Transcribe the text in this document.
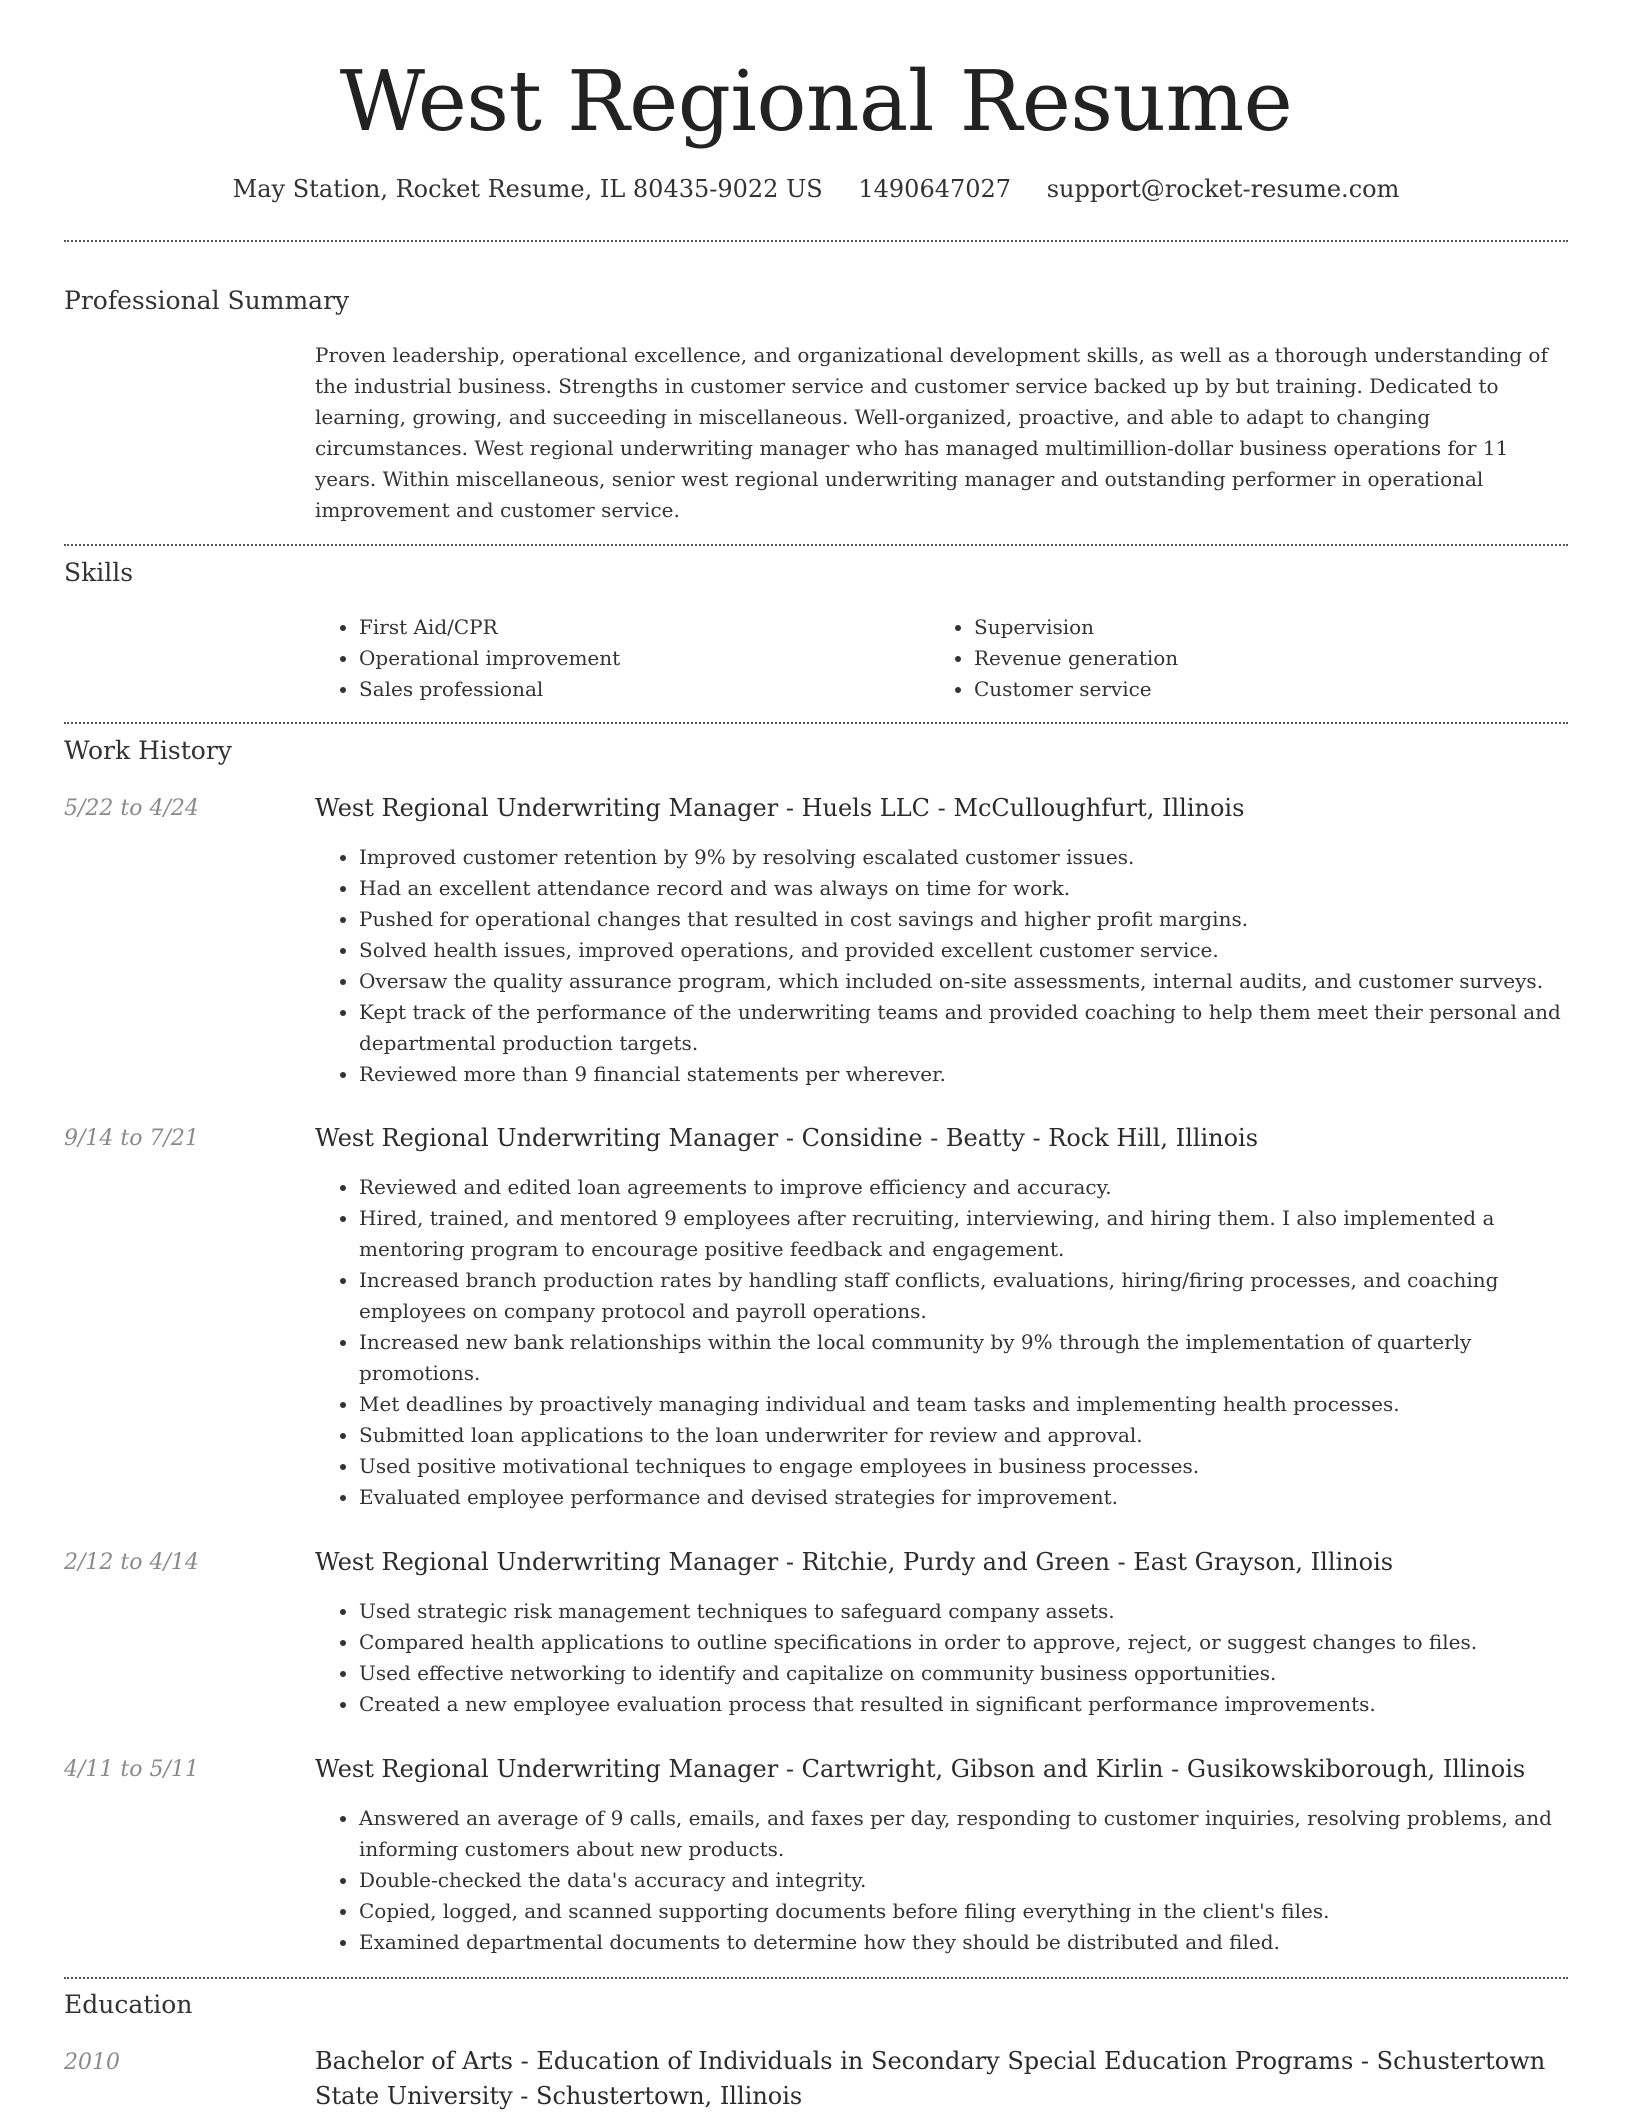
West Regional Resume
May Station, Rocket Resume, IL 80435-9022 US 1490647027 support@rocket-resume.com
Professional Summary
Proven leadership, operational excellence, and organizational development skills, as well as a thorough understanding of the industrial business. Strengths in customer service and customer service backed up by but training. Dedicated to learning, growing, and succeeding in miscellaneous. Well-organized, proactive, and able to adapt to changing circumstances. West regional underwriting manager who has managed multimillion-dollar business operations for 11 years. Within miscellaneous, senior west regional underwriting manager and outstanding performer in operational improvement and customer service.
Skills
• First Aid/CPR
• Operational improvement
• Sales professional
• Supervision
• Revenue generation
• Customer service
Work History
5/22 to 4/24	West Regional Underwriting Manager - Huels LLC - McCulloughfurt, Illinois
• Improved customer retention by 9% by resolving escalated customer issues.
• Had an excellent attendance record and was always on time for work.
• Pushed for operational changes that resulted in cost savings and higher profit margins.
• Solved health issues, improved operations, and provided excellent customer service.
• Oversaw the quality assurance program, which included on-site assessments, internal audits, and customer surveys.
• Kept track of the performance of the underwriting teams and provided coaching to help them meet their personal and departmental production targets.
• Reviewed more than 9 financial statements per wherever.
9/14 to 7/21	West Regional Underwriting Manager - Considine - Beatty - Rock Hill, Illinois
• Reviewed and edited loan agreements to improve efficiency and accuracy.
• Hired, trained, and mentored 9 employees after recruiting, interviewing, and hiring them. I also implemented a mentoring program to encourage positive feedback and engagement.
• Increased branch production rates by handling staff conflicts, evaluations, hiring/firing processes, and coaching employees on company protocol and payroll operations.
• Increased new bank relationships within the local community by 9% through the implementation of quarterly promotions.
• Met deadlines by proactively managing individual and team tasks and implementing health processes.
• Submitted loan applications to the loan underwriter for review and approval.
• Used positive motivational techniques to engage employees in business processes.
• Evaluated employee performance and devised strategies for improvement.
2/12 to 4/14	West Regional Underwriting Manager - Ritchie, Purdy and Green - East Grayson, Illinois
• Used strategic risk management techniques to safeguard company assets.
• Compared health applications to outline specifications in order to approve, reject, or suggest changes to files.
• Used effective networking to identify and capitalize on community business opportunities.
• Created a new employee evaluation process that resulted in significant performance improvements.
4/11 to 5/11	West Regional Underwriting Manager - Cartwright, Gibson and Kirlin - Gusikowskiborough, Illinois
• Answered an average of 9 calls, emails, and faxes per day, responding to customer inquiries, resolving problems, and informing customers about new products.
• Double-checked the data's accuracy and integrity.
• Copied, logged, and scanned supporting documents before filing everything in the client's files.
• Examined departmental documents to determine how they should be distributed and filed.
Education
2010	Bachelor of Arts - Education of Individuals in Secondary Special Education Programs - Schustertown State University - Schustertown, Illinois
